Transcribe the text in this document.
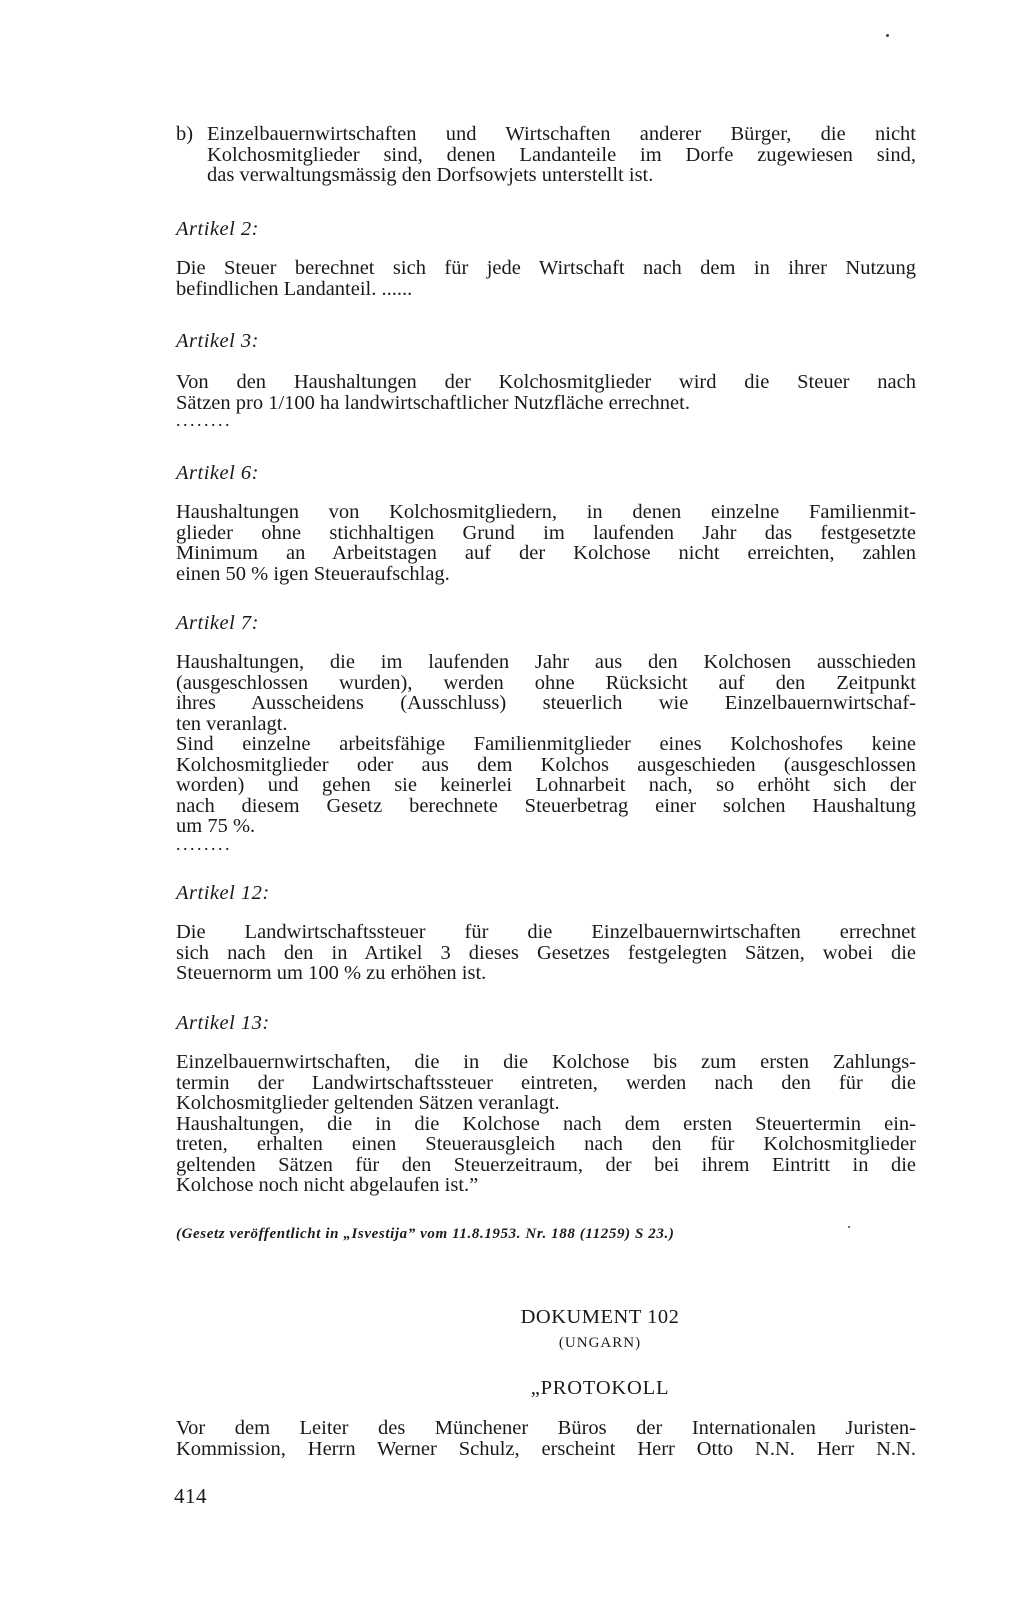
b) Einzelbauernwirtschaften und Wirtschaften anderer Bürger, die nicht
Kolchosmitglieder sind, denen Landanteile im Dorfe zugewiesen sind,
das verwaltungsmässig den Dorfsowjets unterstellt ist.
Artikel 2:
Die Steuer berechnet sich für jede Wirtschaft nach dem in ihrer Nutzung
befindlichen Landanteil. ......
Artikel 3:
Von den Haushaltungen der Kolchosmitglieder wird die Steuer nach
Sätzen pro 1/100 ha landwirtschaftlicher Nutzfläche errechnet.
........
Artikel 6:
Haushaltungen von Kolchosmitgliedern, in denen einzelne Familienmit-
glieder ohne stichhaltigen Grund im laufenden Jahr das festgesetzte
Minimum an Arbeitstagen auf der Kolchose nicht erreichten, zahlen
einen 50 % igen Steueraufschlag.
Artikel 7:
Haushaltungen, die im laufenden Jahr aus den Kolchosen ausschieden
(ausgeschlossen wurden), werden ohne Rücksicht auf den Zeitpunkt
ihres Ausscheidens (Ausschluss) steuerlich wie Einzelbauernwirtschaf-
ten veranlagt.
Sind einzelne arbeitsfähige Familienmitglieder eines Kolchoshofes keine
Kolchosmitglieder oder aus dem Kolchos ausgeschieden (ausgeschlossen
worden) und gehen sie keinerlei Lohnarbeit nach, so erhöht sich der
nach diesem Gesetz berechnete Steuerbetrag einer solchen Haushaltung
um 75 %.
........
Artikel 12:
Die Landwirtschaftssteuer für die Einzelbauernwirtschaften errechnet
sich nach den in Artikel 3 dieses Gesetzes festgelegten Sätzen, wobei die
Steuernorm um 100 % zu erhöhen ist.
Artikel 13:
Einzelbauernwirtschaften, die in die Kolchose bis zum ersten Zahlungs-
termin der Landwirtschaftssteuer eintreten, werden nach den für die
Kolchosmitglieder geltenden Sätzen veranlagt.
Haushaltungen, die in die Kolchose nach dem ersten Steuertermin ein-
treten, erhalten einen Steuerausgleich nach den für Kolchosmitglieder
geltenden Sätzen für den Steuerzeitraum, der bei ihrem Eintritt in die
Kolchose noch nicht abgelaufen ist.”
(Gesetz veröffentlicht in „Isvestija” vom 11.8.1953. Nr. 188 (11259) S 23.)
DOKUMENT 102
(UNGARN)
„PROTOKOLL
Vor dem Leiter des Münchener Büros der Internationalen Juristen-
Kommission, Herrn Werner Schulz, erscheint Herr Otto N.N. Herr N.N.
414
